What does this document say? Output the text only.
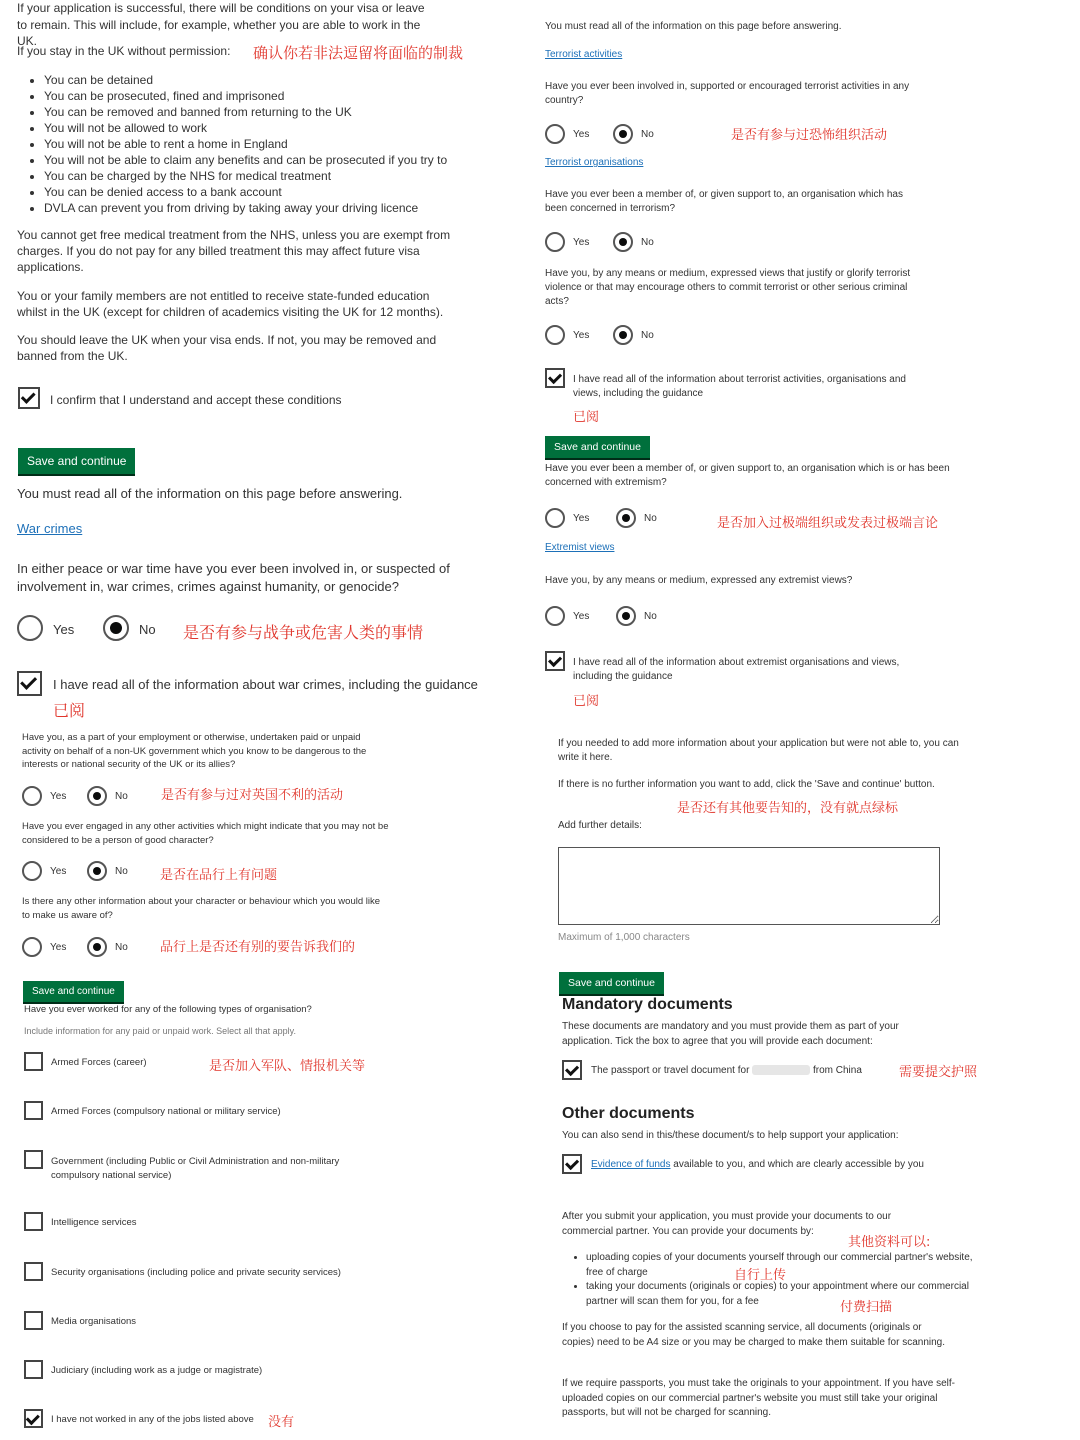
If your application is successful, there will be conditions on your visa or leave to remain. This will include, for example, whether you are able to work in the UK.

If you stay in the UK without permission: 确认你若非法逗留将面临的制裁
• You can be detained
• You can be prosecuted, fined and imprisoned
• You can be removed and banned from returning to the UK
• You will not be allowed to work
• You will not be able to rent a home in England
• You will not be able to claim any benefits and can be prosecuted if you try to
• You can be charged by the NHS for medical treatment
• You can be denied access to a bank account
• DVLA can prevent you from driving by taking away your driving licence

You cannot get free medical treatment from the NHS, unless you are exempt from charges. If you do not pay for any billed treatment this may affect future visa applications.

You or your family members are not entitled to receive state-funded education whilst in the UK (except for children of academics visiting the UK for 12 months).

You should leave the UK when your visa ends. If not, you may be removed and banned from the UK.

I confirm that I understand and accept these conditions
Save and continue

You must read all of the information on this page before answering.

War crimes

In either peace or war time have you ever been involved in, or suspected of involvement in, war crimes, crimes against humanity, or genocide?

Yes	No 是否有参与战争或危害人类的事情
I have read all of the information about war crimes, including the guidance
已阅

Have you, as a part of your employment or otherwise, undertaken paid or unpaid activity on behalf of a non-UK government which you know to be dangerous to the interests or national security of the UK or its allies?

Yes	No	是否有参与过对英国不利的活动

Have you ever engaged in any other activities which might indicate that you may not be considered to be a person of good character?

Yes	No 是否在品行上有问题

Is there any other information about your character or behaviour which you would like to make us aware of?

Yes	No 品行上是否还有别的要告诉我们的
Save and continue

Have you ever worked for any of the following types of organisation?

Include information for any paid or unpaid work. Select all that apply.

Armed Forces (career)	是否加入军队、情报机关等
Armed Forces (compulsory national or military service)
Government (including Public or Civil Administration and non-military compulsory national service)
Intelligence services
Security organisations (including police and private security services)
Media organisations
Judiciary (including work as a judge or magistrate)
I have not worked in any of the jobs listed above 没有

You must read all of the information on this page before answering.

Terrorist activities

Have you ever been involved in, supported or encouraged terrorist activities in any country?

Yes	No	是否有参与过恐怖组织活动
Terrorist organisations

Have you ever been a member of, or given support to, an organisation which has been concerned in terrorism?

Yes	No

Have you, by any means or medium, expressed views that justify or glorify terrorist violence or that may encourage others to commit terrorist or other serious criminal acts?

Yes	No
I have read all of the information about terrorist activities, organisations and views, including the guidance
已阅
Save and continue

Have you ever been a member of, or given support to, an organisation which is or has been concerned with extremism?

Yes	No	是否加入过极端组织或发表过极端言论
Extremist views

Have you, by any means or medium, expressed any extremist views?

Yes	No
I have read all of the information about extremist organisations and views, including the guidance
已阅

If you needed to add more information about your application but were not able to, you can write it here.

If there is no further information you want to add, click the 'Save and continue' button.

是否还有其他要告知的，没有就点绿标

Add further details:

Maximum of 1,000 characters

Save and continue
Mandatory documents

These documents are mandatory and you must provide them as part of your application. Tick the box to agree that you will provide each document:

The passport or travel document for	from China	需要提交护照
Other documents

You can also send in this/these document/s to help support your application:

Evidence of funds available to you, and which are clearly accessible by you

After you submit your application, you must provide your documents to our commercial partner. You can provide your documents by:

其他资料可以:
• uploading copies of your documents yourself through our commercial partner's website, free of charge
• taking your documents (originals or copies) to your appointment where our commercial partner will scan them for you, for a fee
自行上传
付费扫描

If you choose to pay for the assisted scanning service, all documents (originals or copies) need to be A4 size or you may be charged to make them suitable for scanning.

If we require passports, you must take the originals to your appointment. If you have self-uploaded copies on our commercial partner's website you must still take your original passports, but will not be charged for scanning.
